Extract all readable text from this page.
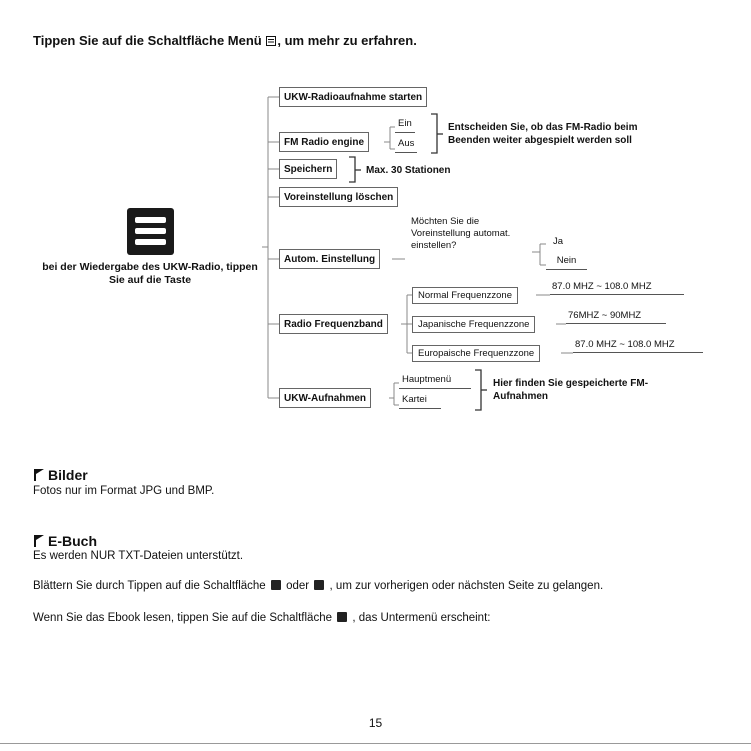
Tippen Sie auf die Schaltfläche Menü , um mehr zu erfahren.
bei der Wiedergabe des UKW-Radio, tippen Sie auf die Taste
UKW-Radioaufnahme starten
FM Radio engine
Ein
Aus
Entscheiden Sie, ob das FM-Radio beim Beenden weiter abgespielt werden soll
Speichern	Max. 30 Stationen
Voreinstellung löschen
Autom. Einstellung
Möchten Sie die Voreinstellung automat. einstellen?	Ja
Nein
Radio Frequenzband
Normal Frequenzzone
87.0 MHZ ~ 108.0 MHZ
Japanische Frequenzzone
76MHZ ~ 90MHZ
Europaische Frequenzzone
87.0 MHZ ~ 108.0 MHZ
UKW-Aufnahmen
Hauptmenü
Kartei
Hier finden Sie gespeicherte FM-Aufnahmen
Bilder
Fotos nur im Format JPG und BMP.
E-Buch
Es werden NUR TXT-Dateien unterstützt.
Blättern Sie durch Tippen auf die Schaltfläche oder , um zur vorherigen oder nächsten Seite zu gelangen.
Wenn Sie das Ebook lesen, tippen Sie auf die Schaltfläche , das Untermenü erscheint:
15
